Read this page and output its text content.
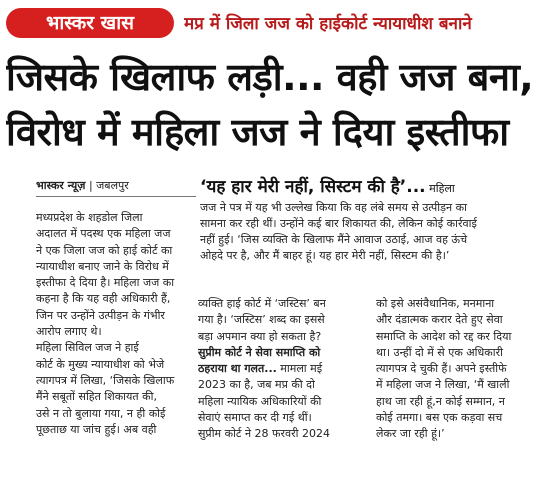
भास्कर खास	मप्र में जिला जज को हाईकोर्ट न्यायाधीश बनाने
जिसके खिलाफ लड़ी... वही जज बना,
विरोध में महिला जज ने दिया इस्तीफा
भास्कर न्यूज़ | जबलपुर	‘यह हार मेरी नहीं, सिस्टम की है’... महिला
जज ने पत्र में यह भी उल्लेख किया कि वह लंबे समय से उत्पीड़न का
सामना कर रही थीं। उन्होंने कई बार शिकायत की, लेकिन कोई कार्रवाई
नहीं हुई। ‘जिस व्यक्ति के खिलाफ मैंने आवाज उठाई, आज वह ऊंचे
ओहदे पर है, और मैं बाहर हूं। यह हार मेरी नहीं, सिस्टम की है।’
मध्यप्रदेश के शहडोल जिला
अदालत में पदस्थ एक महिला जज
ने एक जिला जज को हाई कोर्ट का
न्यायाधीश बनाए जाने के विरोध में
इस्तीफा दे दिया है। महिला जज का
कहना है कि यह वही अधिकारी हैं,
जिन पर उन्होंने उत्पीड़न के गंभीर
आरोप लगाए थे।
महिला सिविल जज ने हाई
कोर्ट के मुख्य न्यायाधीश को भेजे
त्यागपत्र में लिखा, ‘जिसके खिलाफ
मैंने सबूतों सहित शिकायत की,
उसे न तो बुलाया गया, न ही कोई
पूछताछ या जांच हुई। अब वही
व्यक्ति हाई कोर्ट में ‘जस्टिस’ बन
गया है। ‘जस्टिस’ शब्द का इससे
बड़ा अपमान क्या हो सकता है?
सुप्रीम कोर्ट ने सेवा समाप्ति को
ठहराया था गलत... मामला मई
2023 का है, जब मप्र की दो
महिला न्यायिक अधिकारियों की
सेवाएं समाप्त कर दी गई थीं।
सुप्रीम कोर्ट ने 28 फरवरी 2024
को इसे असंवैधानिक, मनमाना
और दंडात्मक करार देते हुए सेवा
समाप्ति के आदेश को रद्द कर दिया
था। उन्हीं दो में से एक अधिकारी
त्यागपत्र दे चुकी हैं। अपने इस्तीफे
में महिला जज ने लिखा, ‘मैं खाली
हाथ जा रही हूं,न कोई सम्मान, न
कोई तमगा। बस एक कड़वा सच
लेकर जा रही हूं।’
